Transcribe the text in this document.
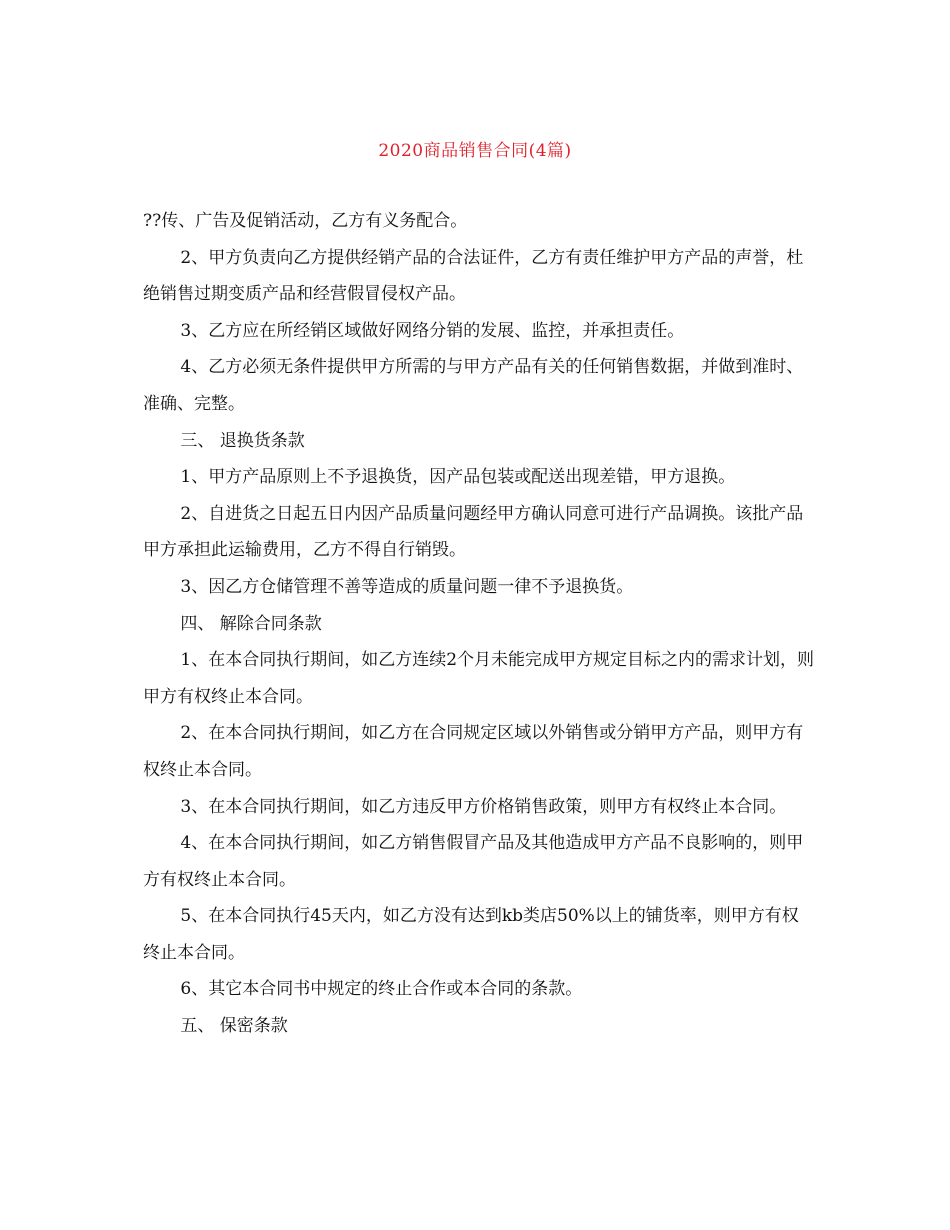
2020商品销售合同(4篇)

??传、广告及促销活动，乙方有义务配合。

2、甲方负责向乙方提供经销产品的合法证件，乙方有责任维护甲方产品的声誉，杜绝销售过期变质产品和经营假冒侵权产品。

3、乙方应在所经销区域做好网络分销的发展、监控，并承担责任。

4、乙方必须无条件提供甲方所需的与甲方产品有关的任何销售数据，并做到准时、准确、完整。

三、 退换货条款

1、甲方产品原则上不予退换货，因产品包装或配送出现差错，甲方退换。

2、自进货之日起五日内因产品质量问题经甲方确认同意可进行产品调换。该批产品甲方承担此运输费用，乙方不得自行销毁。

3、因乙方仓储管理不善等造成的质量问题一律不予退换货。

四、 解除合同条款

1、在本合同执行期间，如乙方连续2个月未能完成甲方规定目标之内的需求计划，则甲方有权终止本合同。

2、在本合同执行期间，如乙方在合同规定区域以外销售或分销甲方产品，则甲方有权终止本合同。

3、在本合同执行期间，如乙方违反甲方价格销售政策，则甲方有权终止本合同。

4、在本合同执行期间，如乙方销售假冒产品及其他造成甲方产品不良影响的，则甲方有权终止本合同。

5、在本合同执行45天内，如乙方没有达到kb类店50%以上的铺货率，则甲方有权终止本合同。

6、其它本合同书中规定的终止合作或本合同的条款。

五、 保密条款
